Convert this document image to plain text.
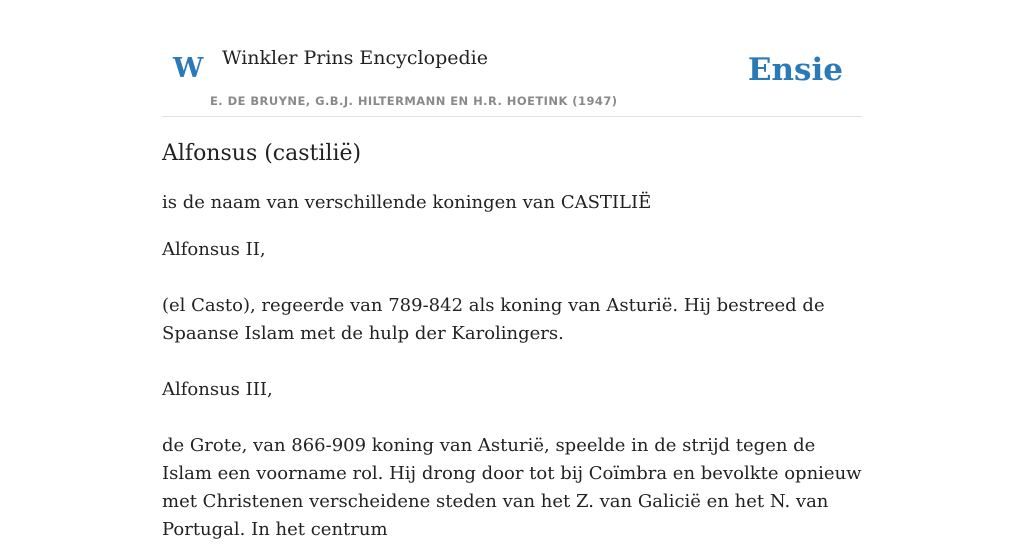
W Winkler Prins Encyclopedie
E. DE BRUYNE, G.B.J. HILTERMANN EN H.R. HOETINK (1947)
Ensie
Alfonsus (castilië)

is de naam van verschillende koningen van CASTILIË

Alfonsus II,

(el Casto), regeerde van 789-842 als koning van Asturië. Hij bestreed de Spaanse Islam met de hulp der Karolingers.

Alfonsus III,

de Grote, van 866-909 koning van Asturië, speelde in de strijd tegen de Islam een voorname rol. Hij drong door tot bij Coïmbra en bevolkte opnieuw met Christenen verscheidene steden van het Z. van Galicië en het N. van Portugal. In het centrum
